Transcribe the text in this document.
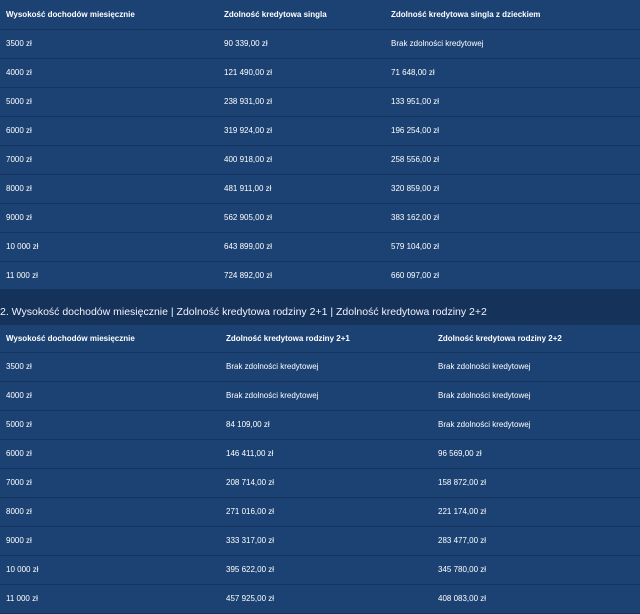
Wysokość dochodów miesięcznie	Zdolność kredytowa singla	Zdolność kredytowa singla z dzieckiem
3500 zł	90 339,00 zł	Brak zdolności kredytowej
4000 zł	121 490,00 zł	71 648,00 zł
5000 zł	238 931,00 zł	133 951,00 zł
6000 zł	319 924,00 zł	196 254,00 zł
7000 zł	400 918,00 zł	258 556,00 zł
8000 zł	481 911,00 zł	320 859,00 zł
9000 zł	562 905,00 zł	383 162,00 zł
10 000 zł	643 899,00 zł	579 104,00 zł
11 000 zł	724 892,00 zł	660 097,00 zł
2. Wysokość dochodów miesięcznie | Zdolność kredytowa rodziny 2+1 | Zdolność kredytowa rodziny 2+2
Wysokość dochodów miesięcznie	Zdolność kredytowa rodziny 2+1	Zdolność kredytowa rodziny 2+2
3500 zł	Brak zdolności kredytowej	Brak zdolności kredytowej
4000 zł	Brak zdolności kredytowej	Brak zdolności kredytowej
5000 zł	84 109,00 zł	Brak zdolności kredytowej
6000 zł	146 411,00 zł	96 569,00 zł
7000 zł	208 714,00 zł	158 872,00 zł
8000 zł	271 016,00 zł	221 174,00 zł
9000 zł	333 317,00 zł	283 477,00 zł
10 000 zł	395 622,00 zł	345 780,00 zł
11 000 zł	457 925,00 zł	408 083,00 zł
